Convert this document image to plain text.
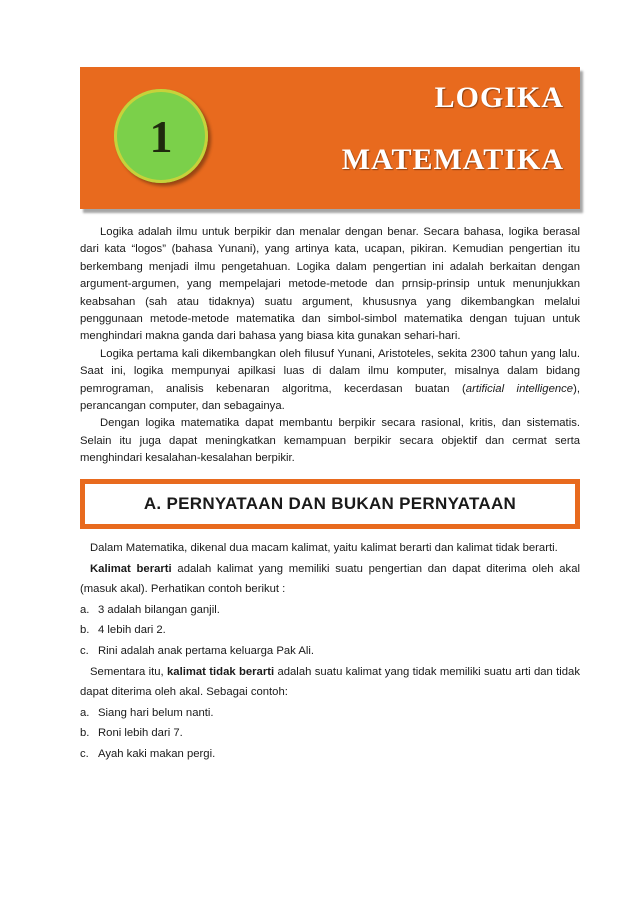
1
LOGIKA
MATEMATIKA

Logika adalah ilmu untuk berpikir dan menalar dengan benar. Secara bahasa, logika berasal dari kata “logos” (bahasa Yunani), yang artinya kata, ucapan, pikiran. Kemudian pengertian itu berkembang menjadi ilmu pengetahuan. Logika dalam pengertian ini adalah berkaitan dengan argument-argumen, yang mempelajari metode-metode dan prnsip-prinsip untuk menunjukkan keabsahan (sah atau tidaknya) suatu argument, khususnya yang dikembangkan melalui penggunaan metode-metode matematika dan simbol-simbol matematika dengan tujuan untuk menghindari makna ganda dari bahasa yang biasa kita gunakan sehari-hari.

Logika pertama kali dikembangkan oleh filusuf Yunani, Aristoteles, sekita 2300 tahun yang lalu. Saat ini, logika mempunyai apilkasi luas di dalam ilmu komputer, misalnya dalam bidang pemrograman, analisis kebenaran algoritma, kecerdasan buatan (artificial intelligence), perancangan computer, dan sebagainya.

Dengan logika matematika dapat membantu berpikir secara rasional, kritis, dan sistematis. Selain itu juga dapat meningkatkan kemampuan berpikir secara objektif dan cermat serta menghindari kesalahan-kesalahan berpikir.

A. PERNYATAAN DAN BUKAN PERNYATAAN

Dalam Matematika, dikenal dua macam kalimat, yaitu kalimat berarti dan kalimat tidak berarti.

Kalimat berarti adalah kalimat yang memiliki suatu pengertian dan dapat diterima oleh akal (masuk akal). Perhatikan contoh berikut :

a. 3 adalah bilangan ganjil.
b. 4 lebih dari 2.
c. Rini adalah anak pertama keluarga Pak Ali.

Sementara itu, kalimat tidak berarti adalah suatu kalimat yang tidak memiliki suatu arti dan tidak dapat diterima oleh akal. Sebagai contoh:

a. Siang hari belum nanti.
b. Roni lebih dari 7.
c. Ayah kaki makan pergi.
